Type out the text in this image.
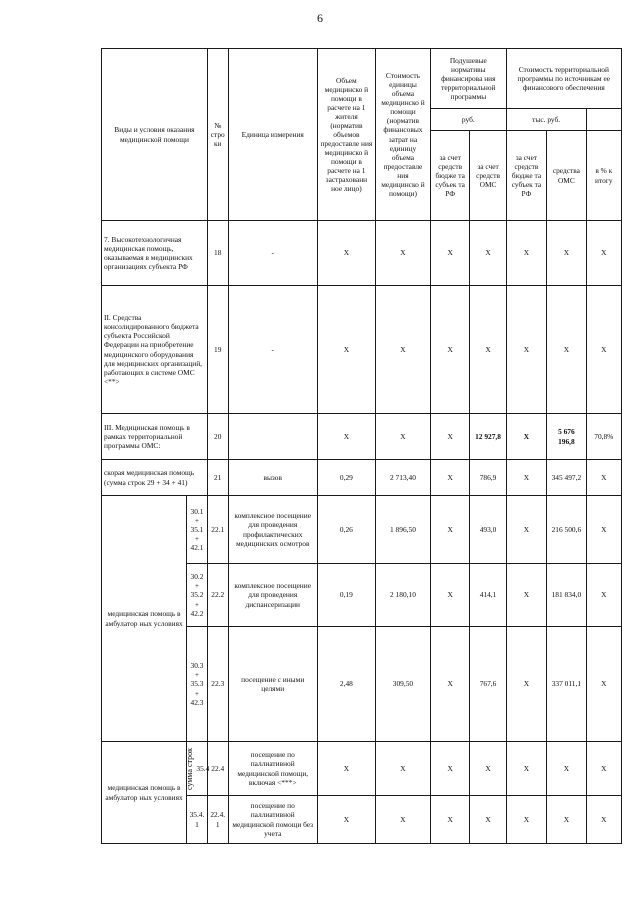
6
Виды и условия оказания медицинской помощи		№ стро ки	Единица измерения	Объем медицинско й помощи в расчете на 1 жителя (норматив объемов предоставле ния медицинско й помощи в расчете на 1 застрахованн ное лицо)	Стоимость единицы объема медицинско й помощи (норматив финансовых затрат на единицу объема предоставле ния медицинско й помощи)	Подушевые нормативы финансирова ния территориальной программы		Стоимость территориальной программы по источникам ее финансового обеспечения		
						руб.		тыс. руб.		
						за счет средств бюдже та субъек та РФ	за счет средств ОМС	за счет средств бюдже та субъек та РФ	средства ОМС	в % к итогу
7. Высокотехнологичная медицинская помощь, оказываемая в медицинских организациях субъекта РФ		18	-	X	X	X	X	X	X	X
II. Средства консолидированного бюджета субъекта Российской Федерации на приобретение медицинского оборудования для медицинских организаций, работающих в системе ОМС <**>		19	-	X	X	X	X	X	X	X
III. Медицинская помощь в рамках территориальной программы ОМС:		20		X	X	X	12 927,8	X	5 676 196,8	70,8%
скорая медицинская помощь (сумма строк 29 + 34 + 41)		21	вызов	0,29	2 713,40	X	786,9	X	345 497,2	X
медицинская помощь в амбулатор ных условиях	30.1 + 35.1 + 42.1	22.1	комплексное посещение для проведения профилактических медицинских осмотров	0,26	1 896,50	X	493,0	X	216 500,6	X
	30.2 + 35.2 + 42.2	22.2	комплексное посещение для проведения диспансеризации	0,19	2 180,10	X	414,1	X	181 834,0	X
	30.3 + 35.3 + 42.3	22.3	посещение с иными целями	2,48	309,50	X	767,6	X	337 011,1	X
медицинская помощь в амбулатор ных условиях	сумма строк 35.4	22.4	посещение по паллиативной медицинской помощи, включая <***>	X	X	X	X	X	X	X
	35.4. 1	22.4.1	посещение по паллиативной медицинской помощи без учета	X	X	X	X	X	X	X
